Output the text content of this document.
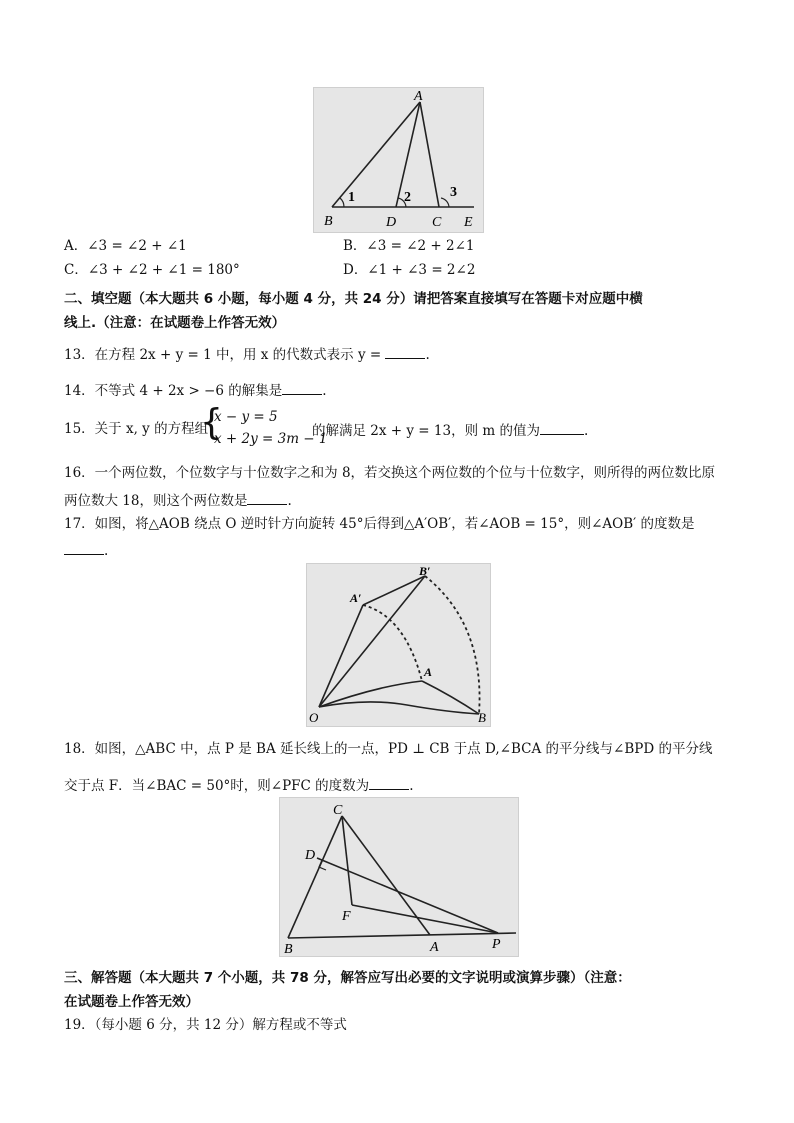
A
B	D	C E
1	2	3
A．∠3 = ∠2 + ∠1	B．∠3 = ∠2 + 2∠1
C．∠3 + ∠2 + ∠1 = 180°	D．∠1 + ∠3 = 2∠2
二、填空题（本大题共 6 小题，每小题 4 分，共 24 分）请把答案直接填写在答题卡对应题中横
线上.（注意：在试题卷上作答无效）
13．在方程 2x + y = 1 中，用 x 的代数式表示 y =	.
14．不等式 4 + 2x > −6 的解集是	.
15．关于 x, y 的方程组
{
x − y = 5
x + 2y = 3m − 1
的解满足 2x + y = 13，则 m 的值为	.
16．一个两位数，个位数字与十位数字之和为 8，若交换这个两位数的个位与十位数字，则所得的两位数比原
两位数大 18，则这个两位数是	.
17．如图，将△AOB 绕点 O 逆时针方向旋转 45°后得到△A′OB′，若∠AOB = 15°，则∠AOB′ 的度数是
.
B′
A′
A
O	B
18．如图，△ABC 中，点 P 是 BA 延长线上的一点，PD ⊥ CB 于点 D,∠BCA 的平分线与∠BPD 的平分线
交于点 F．当∠BAC = 50°时，则∠PFC 的度数为	.
C
D
F
B	A	P
三、解答题（本大题共 7 个小题，共 78 分，解答应写出必要的文字说明或演算步骤）（注意：
在试题卷上作答无效）
19．（每小题 6 分，共 12 分）解方程或不等式
